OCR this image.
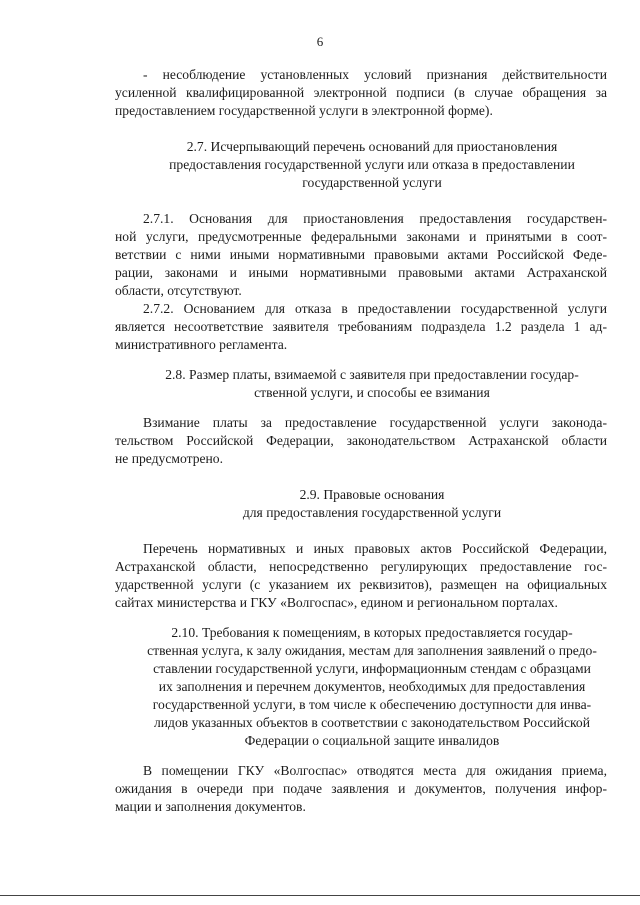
6
- несоблюдение установленных условий признания действительности
усиленной квалифицированной электронной подписи (в случае обращения за
предоставлением государственной услуги в электронной форме).
2.7. Исчерпывающий перечень оснований для приостановления
предоставления государственной услуги или отказа в предоставлении
государственной услуги
2.7.1. Основания для приостановления предоставления государствен-
ной услуги, предусмотренные федеральными законами и принятыми в соот-
ветствии с ними иными нормативными правовыми актами Российской Феде-
рации, законами и иными нормативными правовыми актами Астраханской
области, отсутствуют.
2.7.2. Основанием для отказа в предоставлении государственной услуги
является несоответствие заявителя требованиям подраздела 1.2 раздела 1 ад-
министративного регламента.
2.8. Размер платы, взимаемой с заявителя при предоставлении государ-
ственной услуги, и способы ее взимания
Взимание платы за предоставление государственной услуги законода-
тельством Российской Федерации, законодательством Астраханской области
не предусмотрено.
2.9. Правовые основания
для предоставления государственной услуги
Перечень нормативных и иных правовых актов Российской Федерации,
Астраханской области, непосредственно регулирующих предоставление гос-
ударственной услуги (с указанием их реквизитов), размещен на официальных
сайтах министерства и ГКУ «Волгоспас», едином и региональном порталах.
2.10. Требования к помещениям, в которых предоставляется государ-
ственная услуга, к залу ожидания, местам для заполнения заявлений о предо-
ставлении государственной услуги, информационным стендам с образцами
их заполнения и перечнем документов, необходимых для предоставления
государственной услуги, в том числе к обеспечению доступности для инва-
лидов указанных объектов в соответствии с законодательством Российской
Федерации о социальной защите инвалидов
В помещении ГКУ «Волгоспас» отводятся места для ожидания приема,
ожидания в очереди при подаче заявления и документов, получения инфор-
мации и заполнения документов.
